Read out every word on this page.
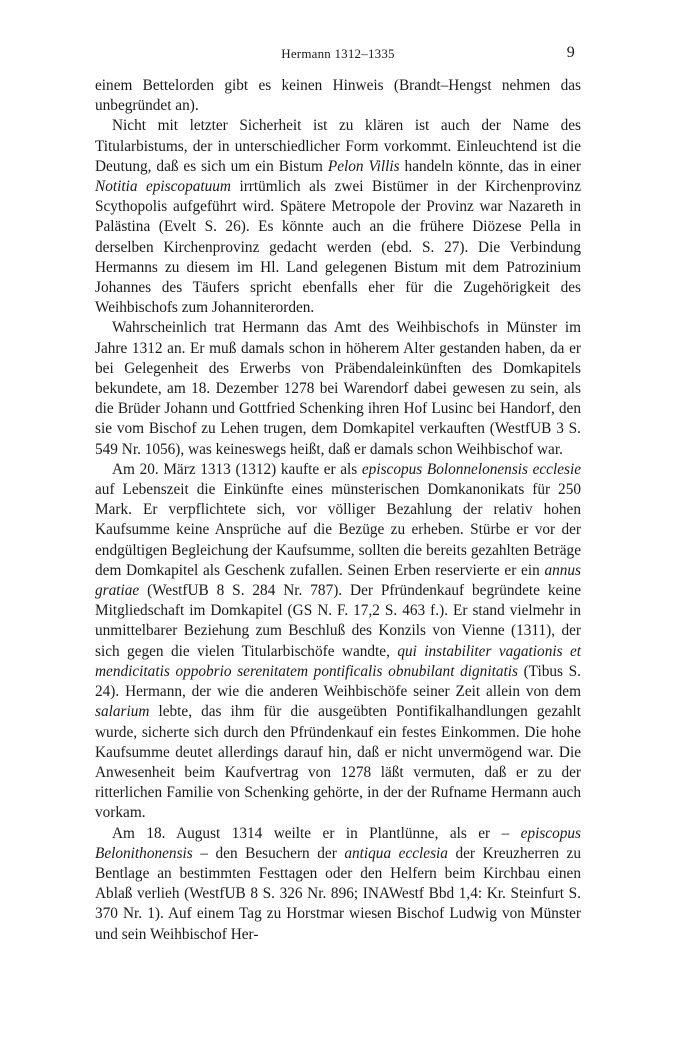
Hermann 1312–1335	9

einem Bettelorden gibt es keinen Hinweis (Brandt–Hengst nehmen das unbegründet an).

Nicht mit letzter Sicherheit ist zu klären ist auch der Name des Titularbistums, der in unterschiedlicher Form vorkommt. Einleuchtend ist die Deutung, daß es sich um ein Bistum Pelon Villis handeln könnte, das in einer Notitia episcopatuum irrtümlich als zwei Bistümer in der Kirchenprovinz Scythopolis aufgeführt wird. Spätere Metropole der Provinz war Nazareth in Palästina (Evelt S. 26). Es könnte auch an die frühere Diözese Pella in derselben Kirchenprovinz gedacht werden (ebd. S. 27). Die Verbindung Hermanns zu diesem im Hl. Land gelegenen Bistum mit dem Patrozinium Johannes des Täufers spricht ebenfalls eher für die Zugehörigkeit des Weihbischofs zum Johanniterorden.

Wahrscheinlich trat Hermann das Amt des Weihbischofs in Münster im Jahre 1312 an. Er muß damals schon in höherem Alter gestanden haben, da er bei Gelegenheit des Erwerbs von Präbendaleinkünften des Domkapitels bekundete, am 18. Dezember 1278 bei Warendorf dabei gewesen zu sein, als die Brüder Johann und Gottfried Schenking ihren Hof Lusinc bei Handorf, den sie vom Bischof zu Lehen trugen, dem Domkapitel verkauften (WestfUB 3 S. 549 Nr. 1056), was keineswegs heißt, daß er damals schon Weihbischof war.

Am 20. März 1313 (1312) kaufte er als episcopus Bolonnelonensis ecclesie auf Lebenszeit die Einkünfte eines münsterischen Domkanonikats für 250 Mark. Er verpflichtete sich, vor völliger Bezahlung der relativ hohen Kaufsumme keine Ansprüche auf die Bezüge zu erheben. Stürbe er vor der endgültigen Begleichung der Kaufsumme, sollten die bereits gezahlten Beträge dem Domkapitel als Geschenk zufallen. Seinen Erben reservierte er ein annus gratiae (WestfUB 8 S. 284 Nr. 787). Der Pfründenkauf begründete keine Mitgliedschaft im Domkapitel (GS N. F. 17,2 S. 463 f.). Er stand vielmehr in unmittelbarer Beziehung zum Beschluß des Konzils von Vienne (1311), der sich gegen die vielen Titularbischöfe wandte, qui instabiliter vagationis et mendicitatis oppobrio serenitatem pontificalis obnubilant dignitatis (Tibus S. 24). Hermann, der wie die anderen Weihbischöfe seiner Zeit allein von dem salarium lebte, das ihm für die ausgeübten Pontifikalhandlungen gezahlt wurde, sicherte sich durch den Pfründenkauf ein festes Einkommen. Die hohe Kaufsumme deutet allerdings darauf hin, daß er nicht unvermögend war. Die Anwesenheit beim Kaufvertrag von 1278 läßt vermuten, daß er zu der ritterlichen Familie von Schenking gehörte, in der der Rufname Hermann auch vorkam.

Am 18. August 1314 weilte er in Plantlünne, als er – episcopus Belonithonensis – den Besuchern der antiqua ecclesia der Kreuzherren zu Bentlage an bestimmten Festtagen oder den Helfern beim Kirchbau einen Ablaß verlieh (WestfUB 8 S. 326 Nr. 896; INAWestf Bbd 1,4: Kr. Steinfurt S. 370 Nr. 1). Auf einem Tag zu Horstmar wiesen Bischof Ludwig von Münster und sein Weihbischof Her-
